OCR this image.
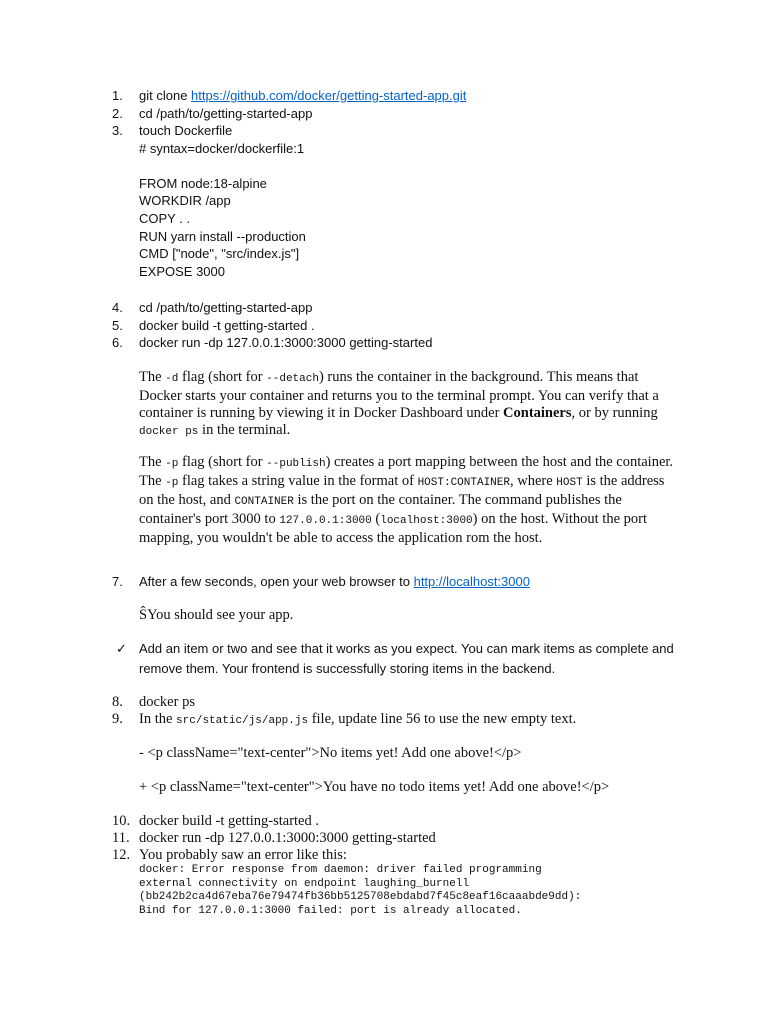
1. git clone https://github.com/docker/getting-started-app.git
2. cd /path/to/getting-started-app
3. touch Dockerfile
# syntax=docker/dockerfile:1
FROM node:18-alpine
WORKDIR /app
COPY . .
RUN yarn install --production
CMD ["node", "src/index.js"]
EXPOSE 3000
4. cd /path/to/getting-started-app
5. docker build -t getting-started .
6. docker run -dp 127.0.0.1:3000:3000 getting-started
The -d flag (short for --detach) runs the container in the background. This means that Docker starts your container and returns you to the terminal prompt. You can verify that a container is running by viewing it in Docker Dashboard under Containers, or by running docker ps in the terminal.
The -p flag (short for --publish) creates a port mapping between the host and the container. The -p flag takes a string value in the format of HOST:CONTAINER, where HOST is the address on the host, and CONTAINER is the port on the container. The command publishes the container's port 3000 to 127.0.0.1:3000 (localhost:3000) on the host. Without the port mapping, you wouldn't be able to access the application rom the host.
7. After a few seconds, open your web browser to http://localhost:3000
ŜYou should see your app.
✓ Add an item or two and see that it works as you expect. You can mark items as complete and
remove them. Your frontend is successfully storing items in the backend.
8. docker ps
9. In the src/static/js/app.js file, update line 56 to use the new empty text.
- <p className="text-center">No items yet! Add one above!</p>
+ <p className="text-center">You have no todo items yet! Add one above!</p>
10. docker build -t getting-started .
11. docker run -dp 127.0.0.1:3000:3000 getting-started
12. You probably saw an error like this:
docker: Error response from daemon: driver failed programming
external connectivity on endpoint laughing_burnell
(bb242b2ca4d67eba76e79474fb36bb5125708ebdabd7f45c8eaf16caaabde9dd):
Bind for 127.0.0.1:3000 failed: port is already allocated.
